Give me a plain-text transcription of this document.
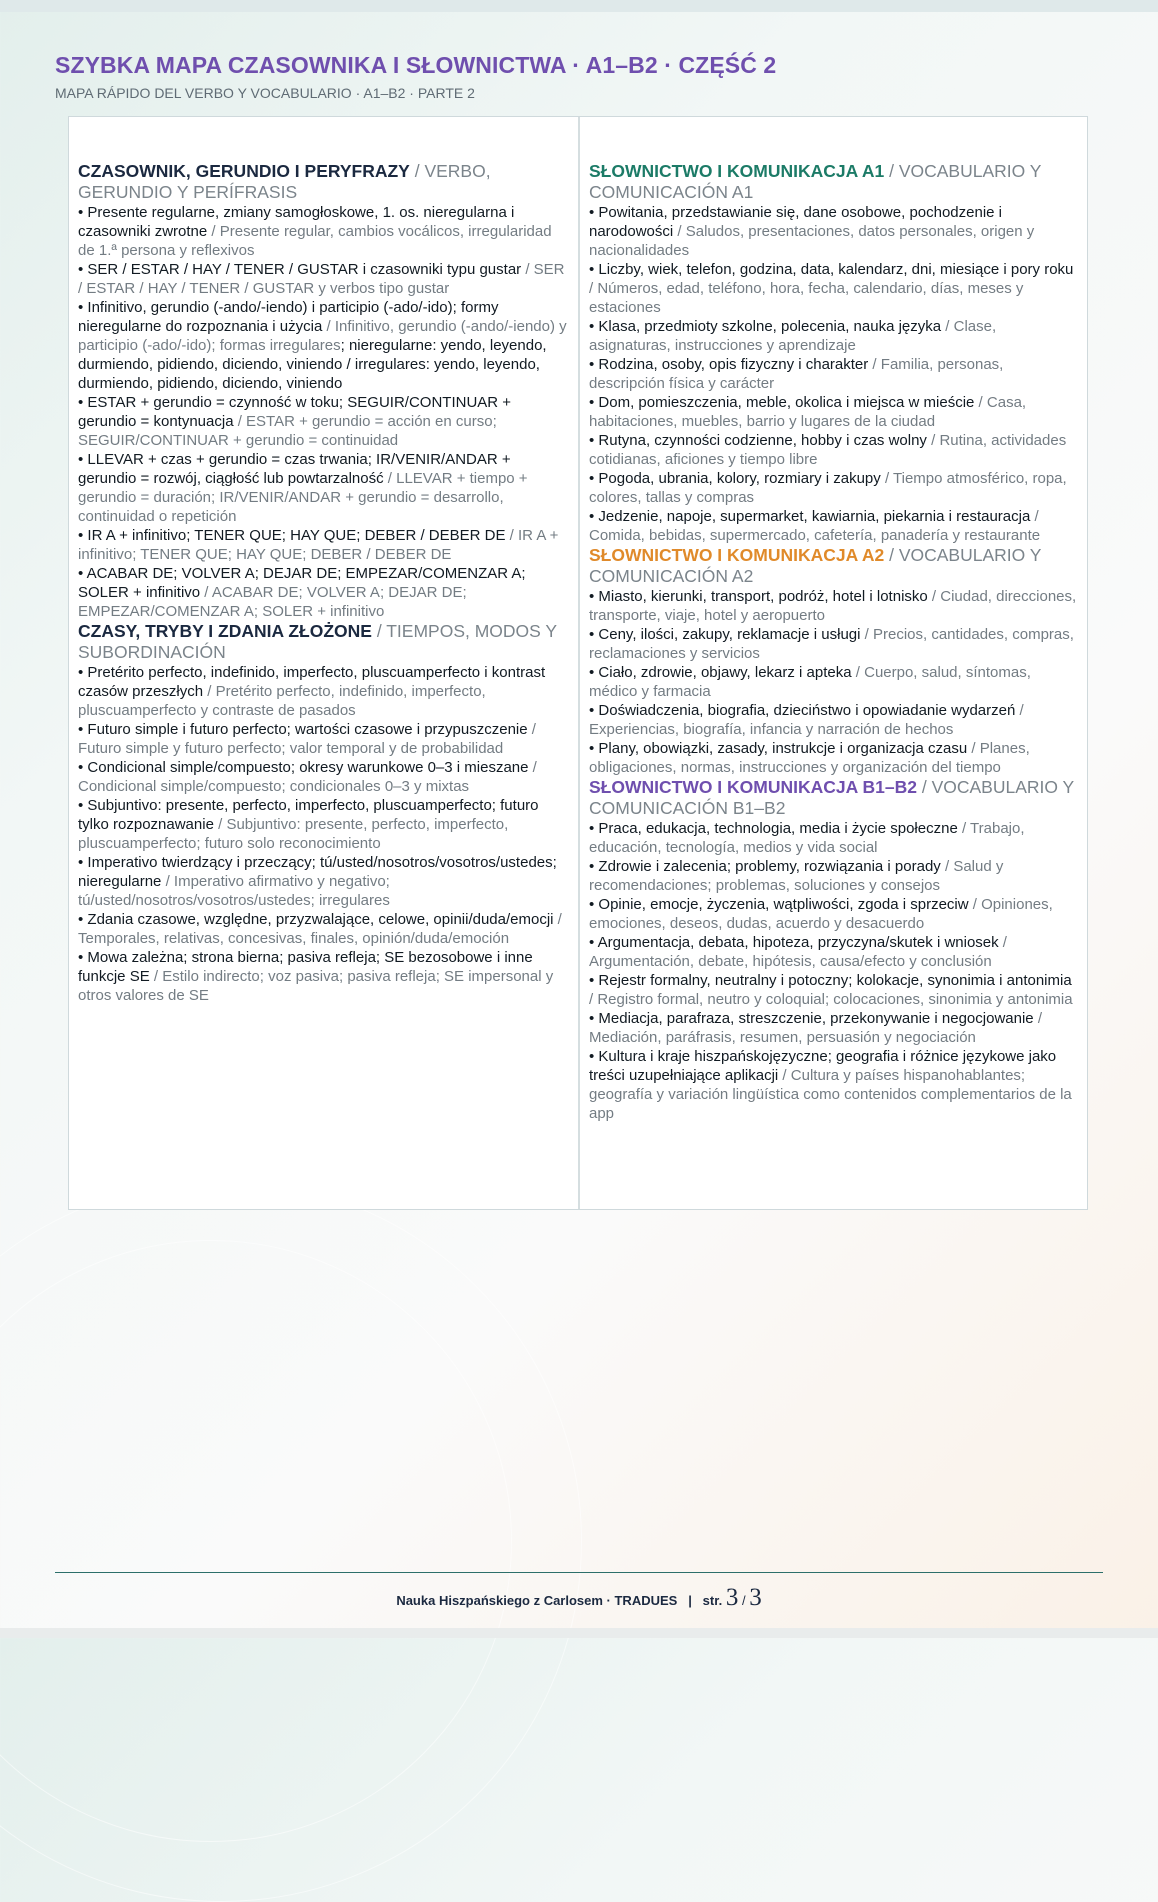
SZYBKA MAPA CZASOWNIKA I SŁOWNICTWA · A1–B2 · CZĘŚĆ 2
MAPA RÁPIDO DEL VERBO Y VOCABULARIO · A1–B2 · PARTE 2
CZASOWNIK, GERUNDIO I PERYFRAZY / VERBO, GERUNDIO Y PERÍFRASIS
• Presente regularne, zmiany samogłoskowe, 1. os. nieregularna i czasowniki zwrotne / Presente regular, cambios vocálicos, irregularidad de 1.ª persona y reflexivos
• SER / ESTAR / HAY / TENER / GUSTAR i czasowniki typu gustar / SER / ESTAR / HAY / TENER / GUSTAR y verbos tipo gustar
• Infinitivo, gerundio (-ando/-iendo) i participio (-ado/-ido); formy nieregularne do rozpoznania i użycia / Infinitivo, gerundio (-ando/-iendo) y participio (-ado/-ido); formas irregulares; nieregularne: yendo, leyendo, durmiendo, pidiendo, diciendo, viniendo / irregulares: yendo, leyendo, durmiendo, pidiendo, diciendo, viniendo
• ESTAR + gerundio = czynność w toku; SEGUIR/CONTINUAR + gerundio = kontynuacja / ESTAR + gerundio = acción en curso; SEGUIR/CONTINUAR + gerundio = continuidad
• LLEVAR + czas + gerundio = czas trwania; IR/VENIR/ANDAR + gerundio = rozwój, ciągłość lub powtarzalność / LLEVAR + tiempo + gerundio = duración; IR/VENIR/ANDAR + gerundio = desarrollo, continuidad o repetición
• IR A + infinitivo; TENER QUE; HAY QUE; DEBER / DEBER DE / IR A + infinitivo; TENER QUE; HAY QUE; DEBER / DEBER DE
• ACABAR DE; VOLVER A; DEJAR DE; EMPEZAR/COMENZAR A; SOLER + infinitivo / ACABAR DE; VOLVER A; DEJAR DE; EMPEZAR/COMENZAR A; SOLER + infinitivo
CZASY, TRYBY I ZDANIA ZŁOŻONE / TIEMPOS, MODOS Y SUBORDINACIÓN
• Pretérito perfecto, indefinido, imperfecto, pluscuamperfecto i kontrast czasów przeszłych / Pretérito perfecto, indefinido, imperfecto, pluscuamperfecto y contraste de pasados
• Futuro simple i futuro perfecto; wartości czasowe i przypuszczenie / Futuro simple y futuro perfecto; valor temporal y de probabilidad
• Condicional simple/compuesto; okresy warunkowe 0–3 i mieszane / Condicional simple/compuesto; condicionales 0–3 y mixtas
• Subjuntivo: presente, perfecto, imperfecto, pluscuamperfecto; futuro tylko rozpoznawanie / Subjuntivo: presente, perfecto, imperfecto, pluscuamperfecto; futuro solo reconocimiento
• Imperativo twierdzący i przeczący; tú/usted/nosotros/vosotros/ustedes; nieregularne / Imperativo afirmativo y negativo; tú/usted/nosotros/vosotros/ustedes; irregulares
• Zdania czasowe, względne, przyzwalające, celowe, opinii/duda/emocji / Temporales, relativas, concesivas, finales, opinión/duda/emoción
• Mowa zależna; strona bierna; pasiva refleja; SE bezosobowe i inne funkcje SE / Estilo indirecto; voz pasiva; pasiva refleja; SE impersonal y otros valores de SE
SŁOWNICTWO I KOMUNIKACJA A1 / VOCABULARIO Y COMUNICACIÓN A1
• Powitania, przedstawianie się, dane osobowe, pochodzenie i narodowości / Saludos, presentaciones, datos personales, origen y nacionalidades
• Liczby, wiek, telefon, godzina, data, kalendarz, dni, miesiące i pory roku / Números, edad, teléfono, hora, fecha, calendario, días, meses y estaciones
• Klasa, przedmioty szkolne, polecenia, nauka języka / Clase, asignaturas, instrucciones y aprendizaje
• Rodzina, osoby, opis fizyczny i charakter / Familia, personas, descripción física y carácter
• Dom, pomieszczenia, meble, okolica i miejsca w mieście / Casa, habitaciones, muebles, barrio y lugares de la ciudad
• Rutyna, czynności codzienne, hobby i czas wolny / Rutina, actividades cotidianas, aficiones y tiempo libre
• Pogoda, ubrania, kolory, rozmiary i zakupy / Tiempo atmosférico, ropa, colores, tallas y compras
• Jedzenie, napoje, supermarket, kawiarnia, piekarnia i restauracja / Comida, bebidas, supermercado, cafetería, panadería y restaurante
SŁOWNICTWO I KOMUNIKACJA A2 / VOCABULARIO Y COMUNICACIÓN A2
• Miasto, kierunki, transport, podróż, hotel i lotnisko / Ciudad, direcciones, transporte, viaje, hotel y aeropuerto
• Ceny, ilości, zakupy, reklamacje i usługi / Precios, cantidades, compras, reclamaciones y servicios
• Ciało, zdrowie, objawy, lekarz i apteka / Cuerpo, salud, síntomas, médico y farmacia
• Doświadczenia, biografia, dzieciństwo i opowiadanie wydarzeń / Experiencias, biografía, infancia y narración de hechos
• Plany, obowiązki, zasady, instrukcje i organizacja czasu / Planes, obligaciones, normas, instrucciones y organización del tiempo
SŁOWNICTWO I KOMUNIKACJA B1–B2 / VOCABULARIO Y COMUNICACIÓN B1–B2
• Praca, edukacja, technologia, media i życie społeczne / Trabajo, educación, tecnología, medios y vida social
• Zdrowie i zalecenia; problemy, rozwiązania i porady / Salud y recomendaciones; problemas, soluciones y consejos
• Opinie, emocje, życzenia, wątpliwości, zgoda i sprzeciw / Opiniones, emociones, deseos, dudas, acuerdo y desacuerdo
• Argumentacja, debata, hipoteza, przyczyna/skutek i wniosek / Argumentación, debate, hipótesis, causa/efecto y conclusión
• Rejestr formalny, neutralny i potoczny; kolokacje, synonimia i antonimia / Registro formal, neutro y coloquial; colocaciones, sinonimia y antonimia
• Mediacja, parafraza, streszczenie, przekonywanie i negocjowanie / Mediación, paráfrasis, resumen, persuasión y negociación
• Kultura i kraje hiszpańskojęzyczne; geografia i różnice językowe jako treści uzupełniające aplikacji / Cultura y países hispanohablantes; geografía y variación lingüística como contenidos complementarios de la app
Nauka Hiszpańskiego z Carlosem · TRADUES | str. 3 / 3
